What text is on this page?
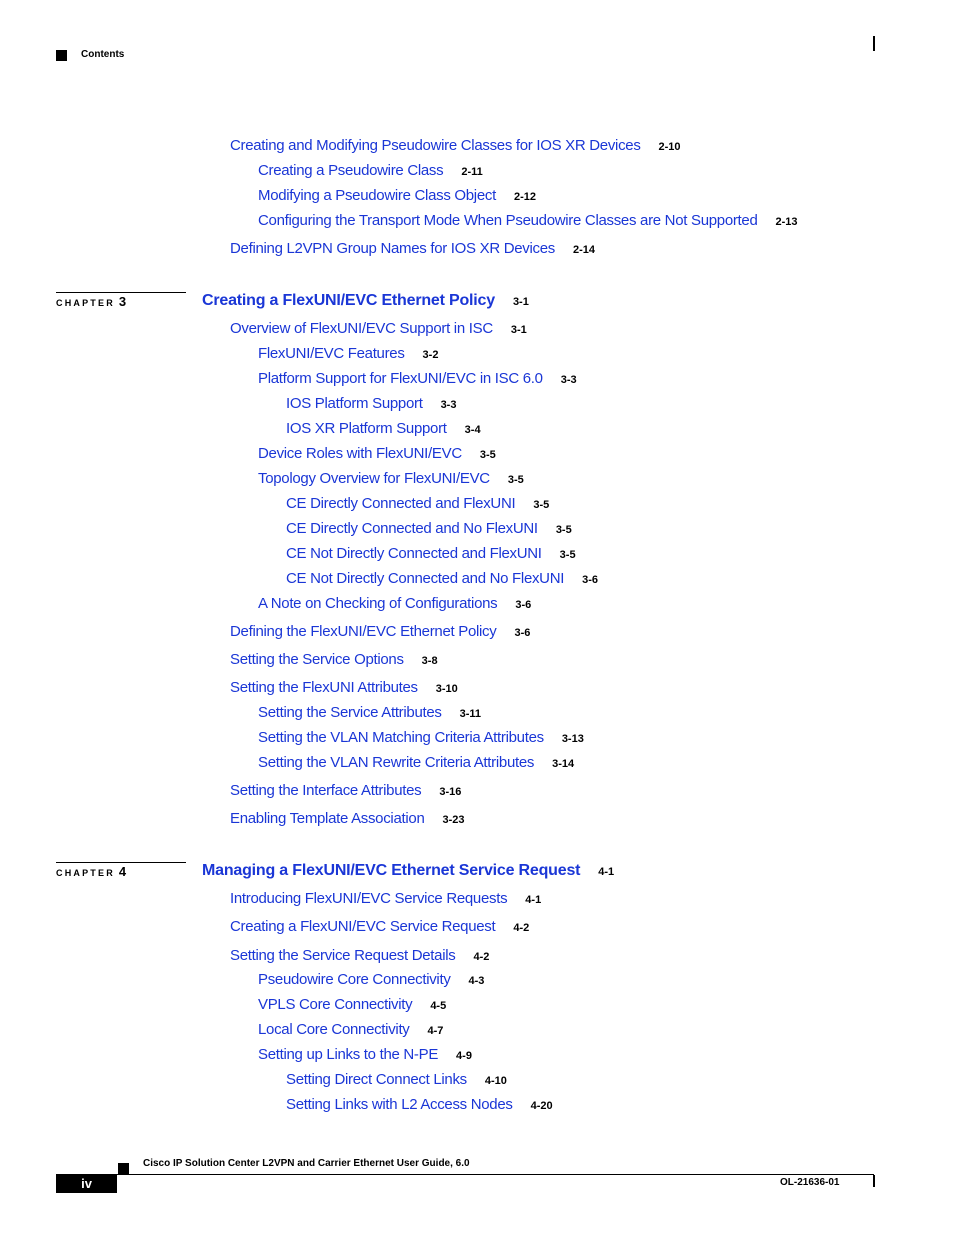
Contents
Creating and Modifying Pseudowire Classes for IOS XR Devices 2-10
Creating a Pseudowire Class 2-11
Modifying a Pseudowire Class Object 2-12
Configuring the Transport Mode When Pseudowire Classes are Not Supported 2-13
Defining L2VPN Group Names for IOS XR Devices 2-14
CHAPTER 3	Creating a FlexUNI/EVC Ethernet Policy 3-1
Overview of FlexUNI/EVC Support in ISC 3-1
FlexUNI/EVC Features 3-2
Platform Support for FlexUNI/EVC in ISC 6.0 3-3
IOS Platform Support 3-3
IOS XR Platform Support 3-4
Device Roles with FlexUNI/EVC 3-5
Topology Overview for FlexUNI/EVC 3-5
CE Directly Connected and FlexUNI 3-5
CE Directly Connected and No FlexUNI 3-5
CE Not Directly Connected and FlexUNI 3-5
CE Not Directly Connected and No FlexUNI 3-6
A Note on Checking of Configurations 3-6
Defining the FlexUNI/EVC Ethernet Policy 3-6
Setting the Service Options 3-8
Setting the FlexUNI Attributes 3-10
Setting the Service Attributes 3-11
Setting the VLAN Matching Criteria Attributes 3-13
Setting the VLAN Rewrite Criteria Attributes 3-14
Setting the Interface Attributes 3-16
Enabling Template Association 3-23
CHAPTER 4	Managing a FlexUNI/EVC Ethernet Service Request 4-1
Introducing FlexUNI/EVC Service Requests 4-1
Creating a FlexUNI/EVC Service Request 4-2
Setting the Service Request Details 4-2
Pseudowire Core Connectivity 4-3
VPLS Core Connectivity 4-5
Local Core Connectivity 4-7
Setting up Links to the N-PE 4-9
Setting Direct Connect Links 4-10
Setting Links with L2 Access Nodes 4-20
Cisco IP Solution Center L2VPN and Carrier Ethernet User Guide, 6.0
iv	OL-21636-01
